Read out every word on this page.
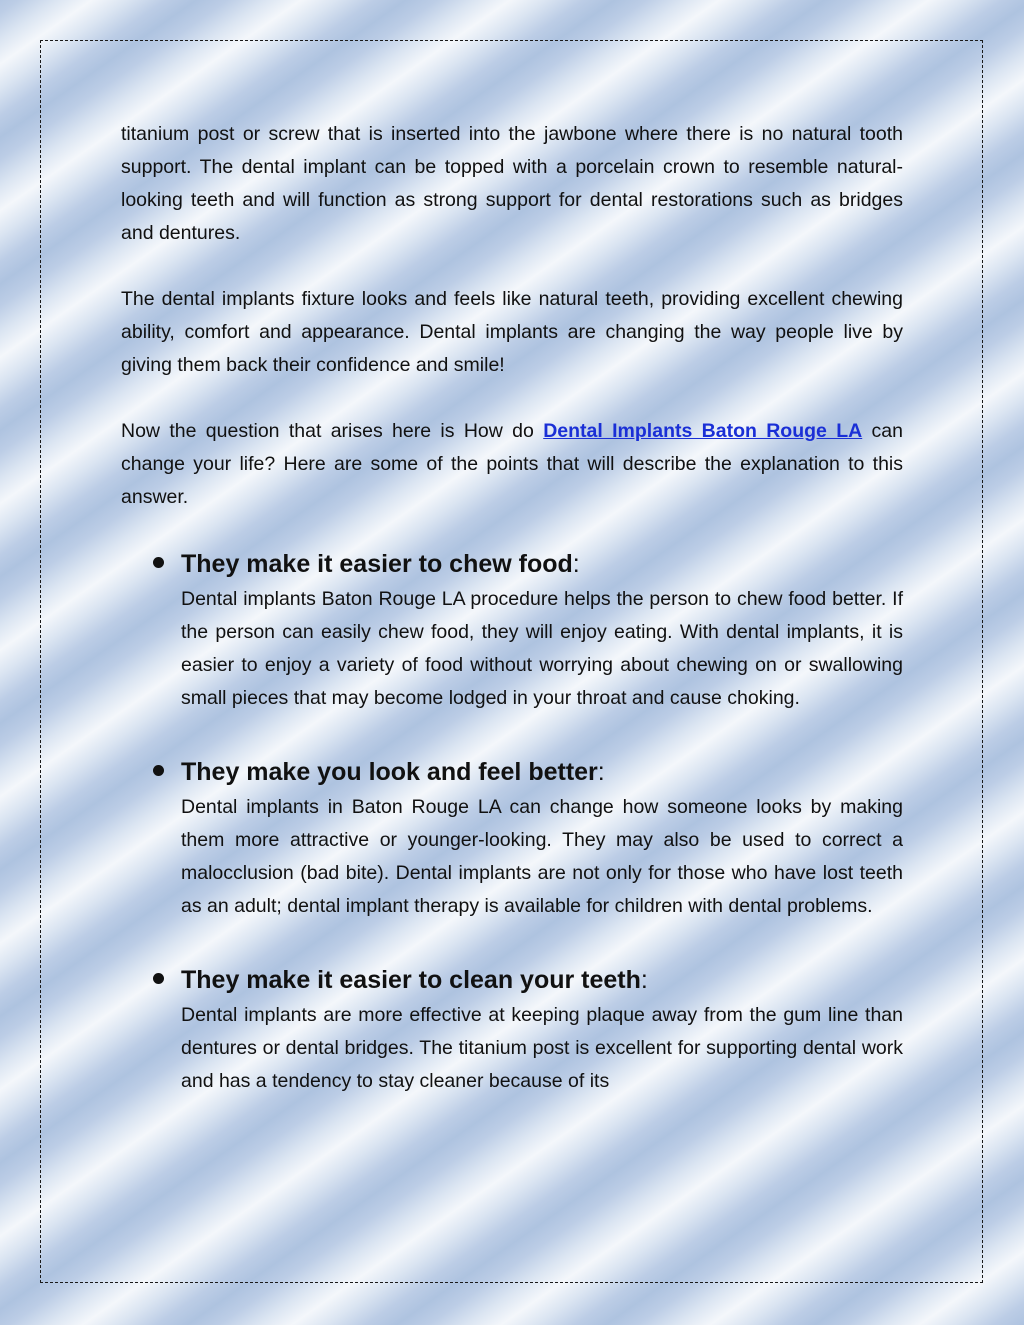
titanium post or screw that is inserted into the jawbone where there is no natural tooth support. The dental implant can be topped with a porcelain crown to resemble natural-looking teeth and will function as strong support for dental restorations such as bridges and dentures.

The dental implants fixture looks and feels like natural teeth, providing excellent chewing ability, comfort and appearance. Dental implants are changing the way people live by giving them back their confidence and smile!

Now the question that arises here is How do Dental Implants Baton Rouge LA can change your life? Here are some of the points that will describe the explanation to this answer.

They make it easier to chew food:

Dental implants Baton Rouge LA procedure helps the person to chew food better. If the person can easily chew food, they will enjoy eating. With dental implants, it is easier to enjoy a variety of food without worrying about chewing on or swallowing small pieces that may become lodged in your throat and cause choking.

They make you look and feel better:

Dental implants in Baton Rouge LA can change how someone looks by making them more attractive or younger-looking. They may also be used to correct a malocclusion (bad bite). Dental implants are not only for those who have lost teeth as an adult; dental implant therapy is available for children with dental problems.

They make it easier to clean your teeth:

Dental implants are more effective at keeping plaque away from the gum line than dentures or dental bridges. The titanium post is excellent for supporting dental work and has a tendency to stay cleaner because of its
